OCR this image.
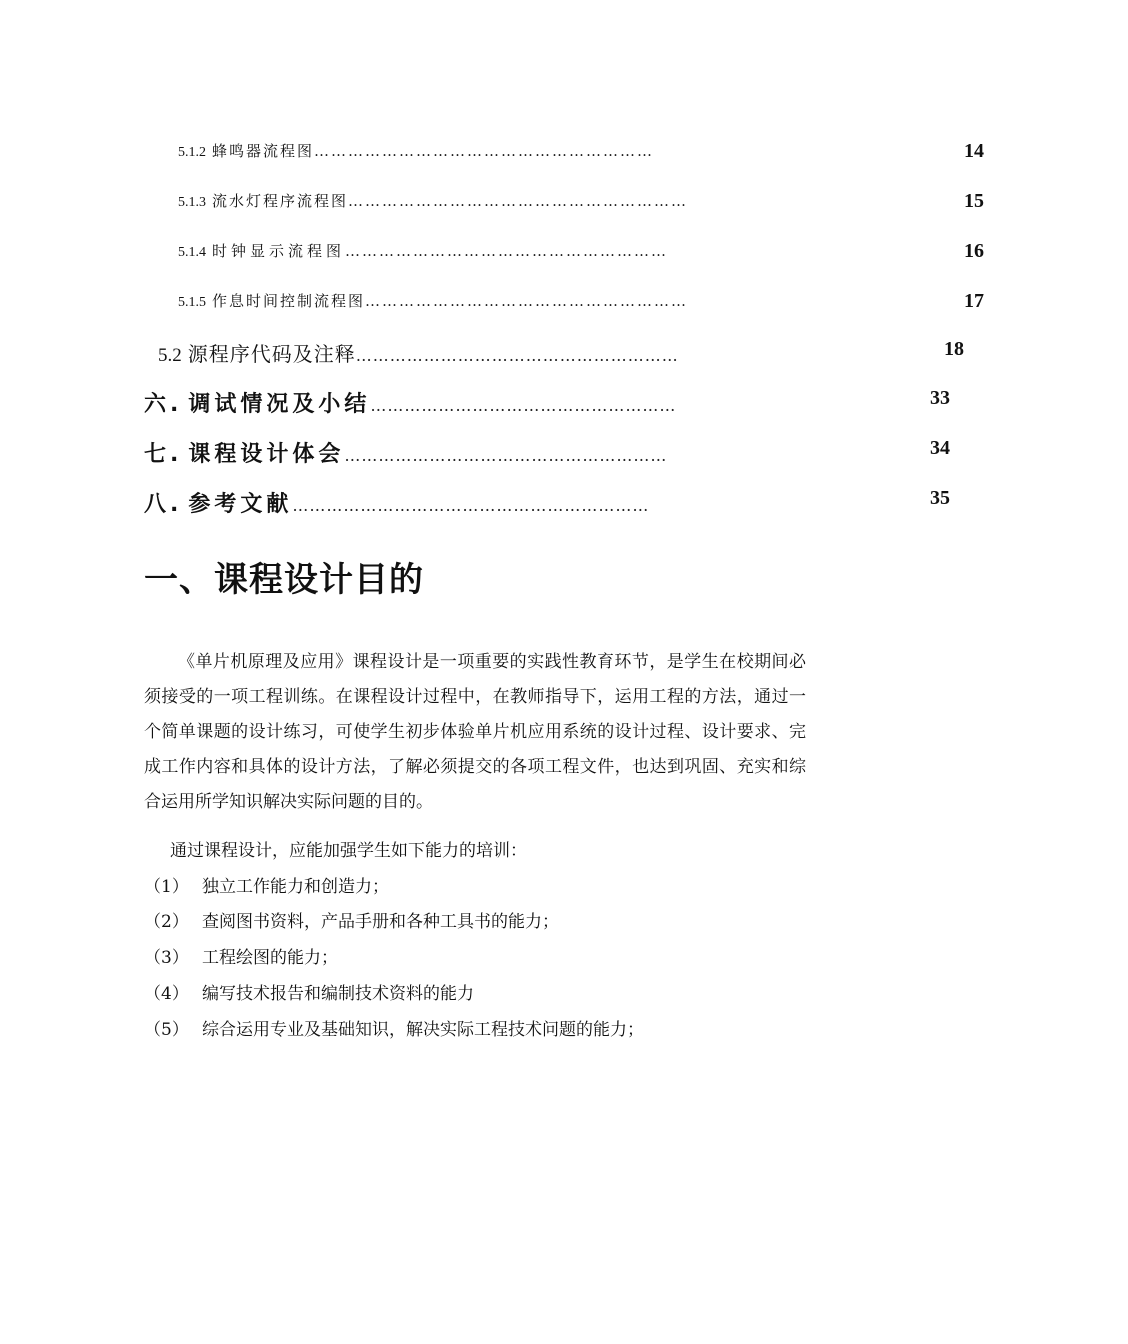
5.1.2 蜂鸣器流程图 ……………………………………………………	14
5.1.3 流水灯程序流程图 ……………………………………………………	15
5.1.4 时钟显示流程图 …………………………………………………	16
5.1.5 作息时间控制流程图 …………………………………………………	17
5.2 源程序代码及注释 …………………………………………………	18
六. 调试情况及小结 ………………………………………………	33
七. 课程设计体会 …………………………………………………	34
八. 参考文献 ………………………………………………………	35
一、课程设计目的

《单片机原理及应用》课程设计是一项重要的实践性教育环节，是学生在校期间必须接受的一项工程训练。在课程设计过程中，在教师指导下，运用工程的方法，通过一个简单课题的设计练习，可使学生初步体验单片机应用系统的设计过程、设计要求、完成工作内容和具体的设计方法，了解必须提交的各项工程文件，也达到巩固、充实和综合运用所学知识解决实际问题的目的。

通过课程设计，应能加强学生如下能力的培训：

（1） 独立工作能力和创造力；

（2） 查阅图书资料，产品手册和各种工具书的能力；

（3） 工程绘图的能力；

（4） 编写技术报告和编制技术资料的能力

（5） 综合运用专业及基础知识，解决实际工程技术问题的能力；
